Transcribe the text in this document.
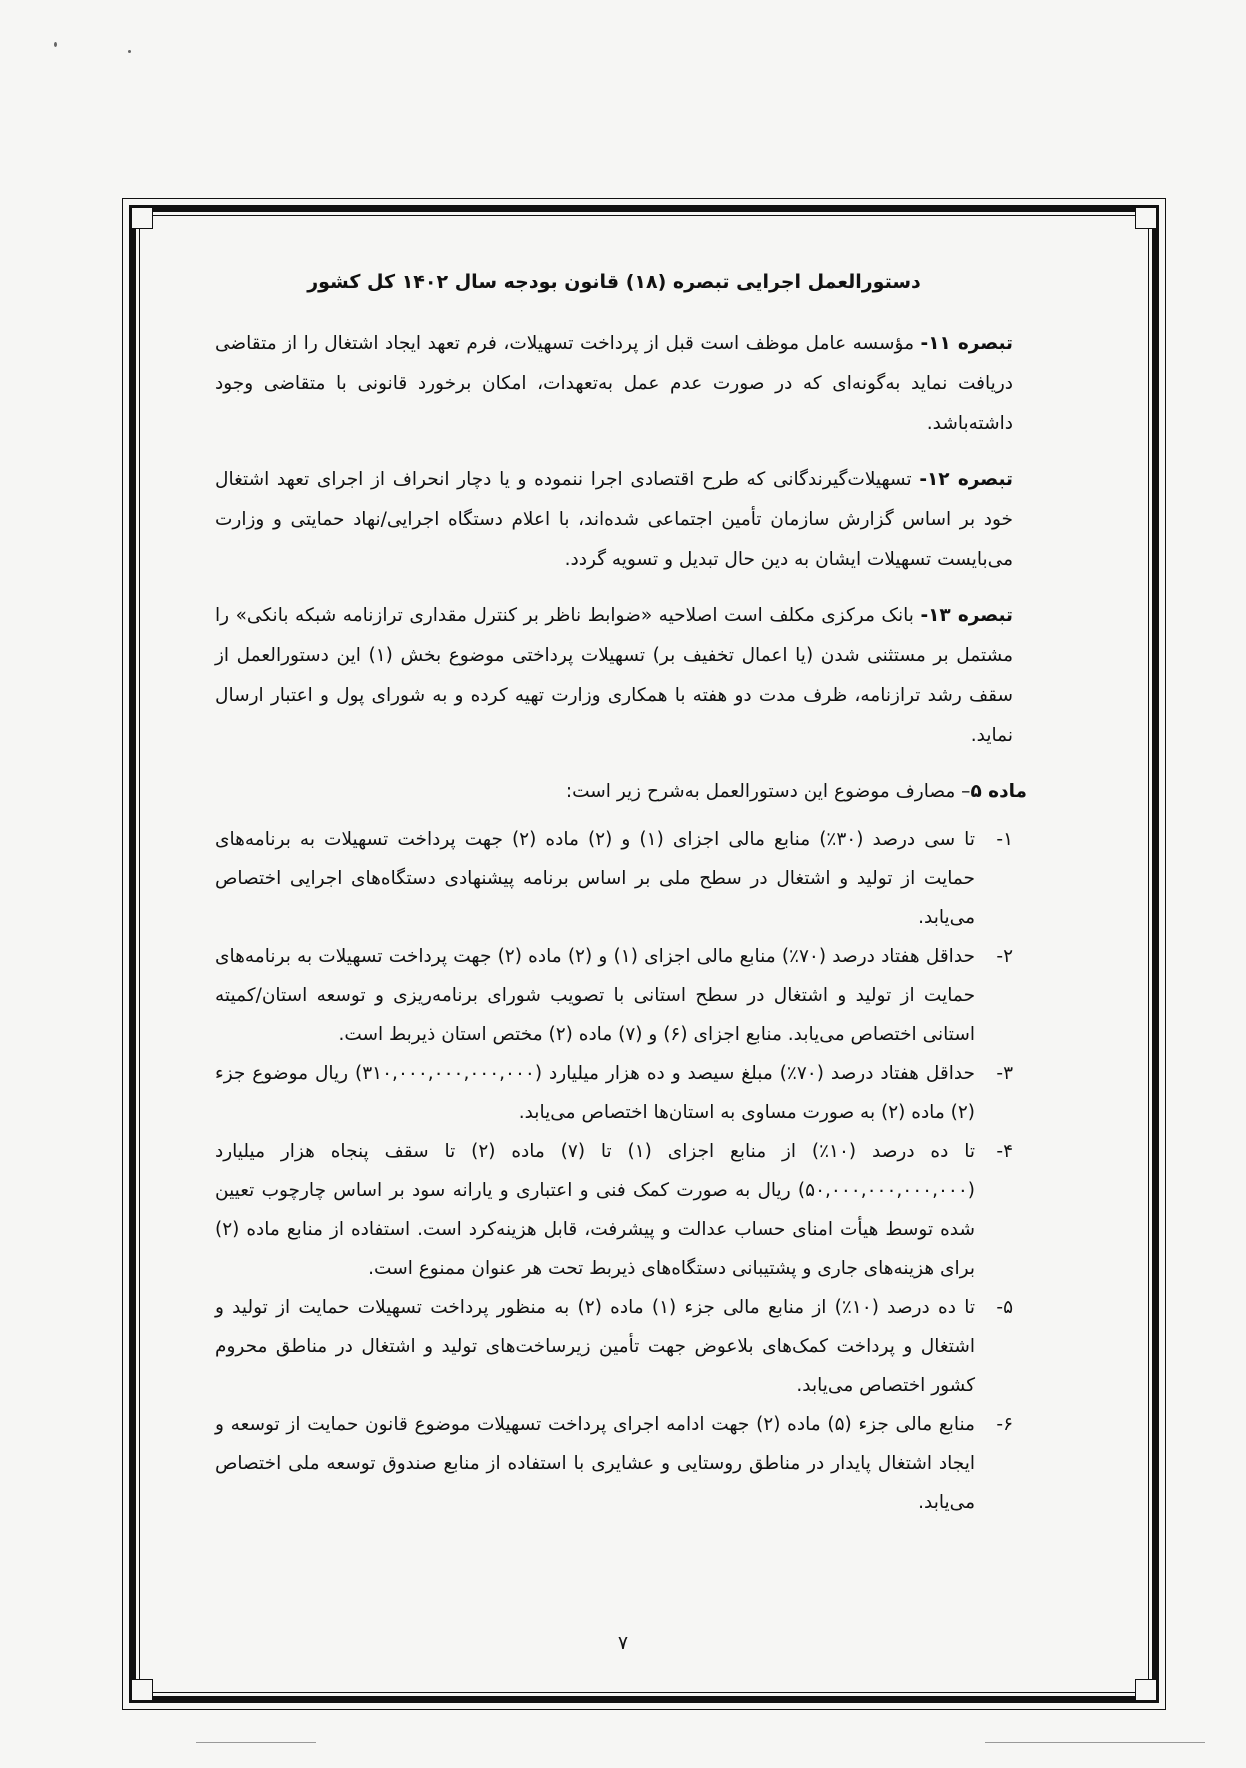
دستورالعمل اجرایی تبصره (۱۸) قانون بودجه سال ۱۴۰۲ کل کشور
تبصره ۱۱- مؤسسه عامل موظف است قبل از پرداخت تسهیلات، فرم تعهد ایجاد اشتغال را از متقاضی دریافت نماید به‌گونه‌ای که در صورت عدم عمل به‌تعهدات، امکان برخورد قانونی با متقاضی وجود داشته‌باشد.
تبصره ۱۲- تسهیلات‌گیرندگانی که طرح اقتصادی اجرا ننموده و یا دچار انحراف از اجرای تعهد اشتغال خود بر اساس گزارش سازمان تأمین اجتماعی شده‌اند، با اعلام دستگاه اجرایی/نهاد حمایتی و وزارت می‌بایست تسهیلات ایشان به دین حال تبدیل و تسویه گردد.
تبصره ۱۳- بانک مرکزی مکلف است اصلاحیه «ضوابط ناظر بر کنترل مقداری ترازنامه شبکه بانکی» را مشتمل بر مستثنی شدن (یا اعمال تخفیف بر) تسهیلات پرداختی موضوع بخش (۱) این دستورالعمل از سقف رشد ترازنامه، ظرف مدت دو هفته با همکاری وزارت تهیه کرده و به شورای پول و اعتبار ارسال نماید.
ماده ۵– مصارف موضوع این دستورالعمل به‌شرح زیر است:
۱-
تا سی درصد (۳۰٪) منابع مالی اجزای (۱) و (۲) ماده (۲) جهت پرداخت تسهیلات به برنامه‌های حمایت از تولید و اشتغال در سطح ملی بر اساس برنامه پیشنهادی دستگاه‌های اجرایی اختصاص می‌یابد.
۲-
حداقل هفتاد درصد (۷۰٪) منابع مالی اجزای (۱) و (۲) ماده (۲) جهت پرداخت تسهیلات به برنامه‌های حمایت از تولید و اشتغال در سطح استانی با تصویب شورای برنامه‌ریزی و توسعه استان/کمیته استانی اختصاص می‌یابد. منابع اجزای (۶) و (۷) ماده (۲) مختص استان ذیربط است.
۳-
حداقل هفتاد درصد (۷۰٪) مبلغ سیصد و ده هزار میلیارد (۳۱۰,۰۰۰,۰۰۰,۰۰۰,۰۰۰) ریال موضوع جزء (۲) ماده (۲) به صورت مساوی به استان‌ها اختصاص می‌یابد.
۴-
تا ده درصد (۱۰٪) از منابع اجزای (۱) تا (۷) ماده (۲) تا سقف پنجاه هزار میلیارد (۵۰,۰۰۰,۰۰۰,۰۰۰,۰۰۰) ریال به صورت کمک فنی و اعتباری و یارانه سود بر اساس چارچوب تعیین شده توسط هیأت امنای حساب عدالت و پیشرفت، قابل هزینه‌کرد است. استفاده از منابع ماده (۲) برای هزینه‌های جاری و پشتیبانی دستگاه‌های ذیربط تحت هر عنوان ممنوع است.
۵-
تا ده درصد (۱۰٪) از منابع مالی جزء (۱) ماده (۲) به منظور پرداخت تسهیلات حمایت از تولید و اشتغال و پرداخت کمک‌های بلاعوض جهت تأمین زیرساخت‌های تولید و اشتغال در مناطق محروم کشور اختصاص می‌یابد.
۶-
منابع مالی جزء (۵) ماده (۲) جهت ادامه اجرای پرداخت تسهیلات موضوع قانون حمایت از توسعه و ایجاد اشتغال پایدار در مناطق روستایی و عشایری با استفاده از منابع صندوق توسعه ملی اختصاص می‌یابد.
۷
